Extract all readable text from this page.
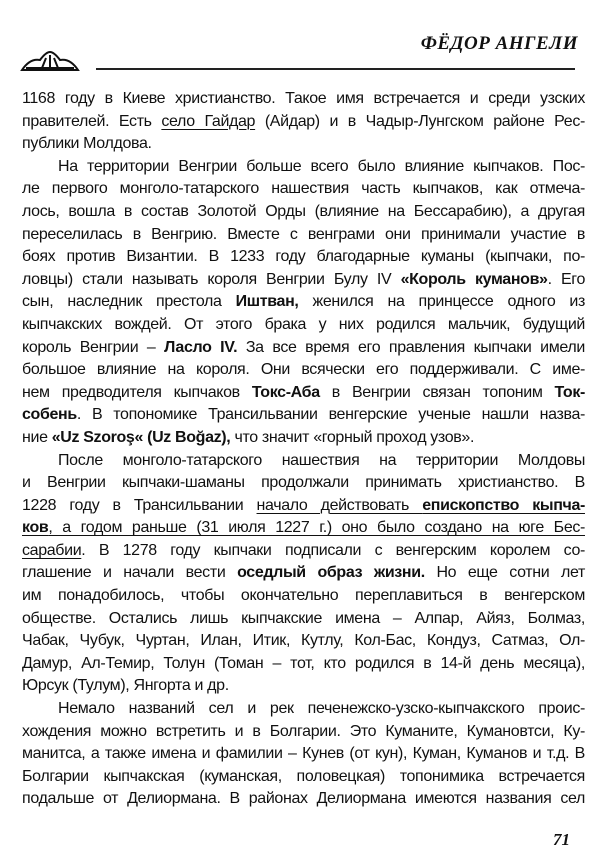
ФЁДОР АНГЕЛИ
1168 году в Киеве христианство. Такое имя встречается и среди узских
правителей. Есть село Гайдар (Айдар) и в Чадыр-Лунгском районе Рес-
публики Молдова.
На территории Венгрии больше всего было влияние кыпчаков. Пос-
ле первого монголо-татарского нашествия часть кыпчаков, как отмеча-
лось, вошла в состав Золотой Орды (влияние на Бессарабию), а другая
переселилась в Венгрию. Вместе с венграми они принимали участие в
боях против Византии. В 1233 году благодарные куманы (кыпчаки, по-
ловцы) стали называть короля Венгрии Булу IV «Король куманов». Его
сын, наследник престола Иштван, женился на принцессе одного из
кыпчакских вождей. От этого брака у них родился мальчик, будущий
король Венгрии – Ласло IV. За все время его правления кыпчаки имели
большое влияние на короля. Они всячески его поддерживали. С име-
нем предводителя кыпчаков Токс-Аба в Венгрии связан топоним Ток-
собень. В топономике Трансильвании венгерские ученые нашли назва-
ние «Uz Szoroş« (Uz Boğaz), что значит «горный проход узов».
После монголо-татарского нашествия на территории Молдовы
и Венгрии кыпчаки-шаманы продолжали принимать христианство. В
1228 году в Трансильвании начало действовать епископство кыпча-
ков, а годом раньше (31 июля 1227 г.) оно было создано на юге Бес-
сарабии. В 1278 году кыпчаки подписали с венгерским королем со-
глашение и начали вести оседлый образ жизни. Но еще сотни лет
им понадобилось, чтобы окончательно переплавиться в венгерском
обществе. Остались лишь кыпчакские имена – Алпар, Айяз, Болмаз,
Чабак, Чубук, Чуртан, Илан, Итик, Кутлу, Кол-Бас, Кондуз, Сатмаз, Ол-
Дамур, Ал-Темир, Толун (Томан – тот, кто родился в 14-й день месяца),
Юрсук (Тулум), Янгорта и др.
Немало названий сел и рек печенежско-узско-кыпчакского проис-
хождения можно встретить и в Болгарии. Это Куманите, Кумановтси, Ку-
манитса, а также имена и фамилии – Кунев (от кун), Куман, Куманов и т.д. В
Болгарии кыпчакская (куманская, половецкая) топонимика встречается
подальше от Делиормана. В районах Делиормана имеются названия сел
71
